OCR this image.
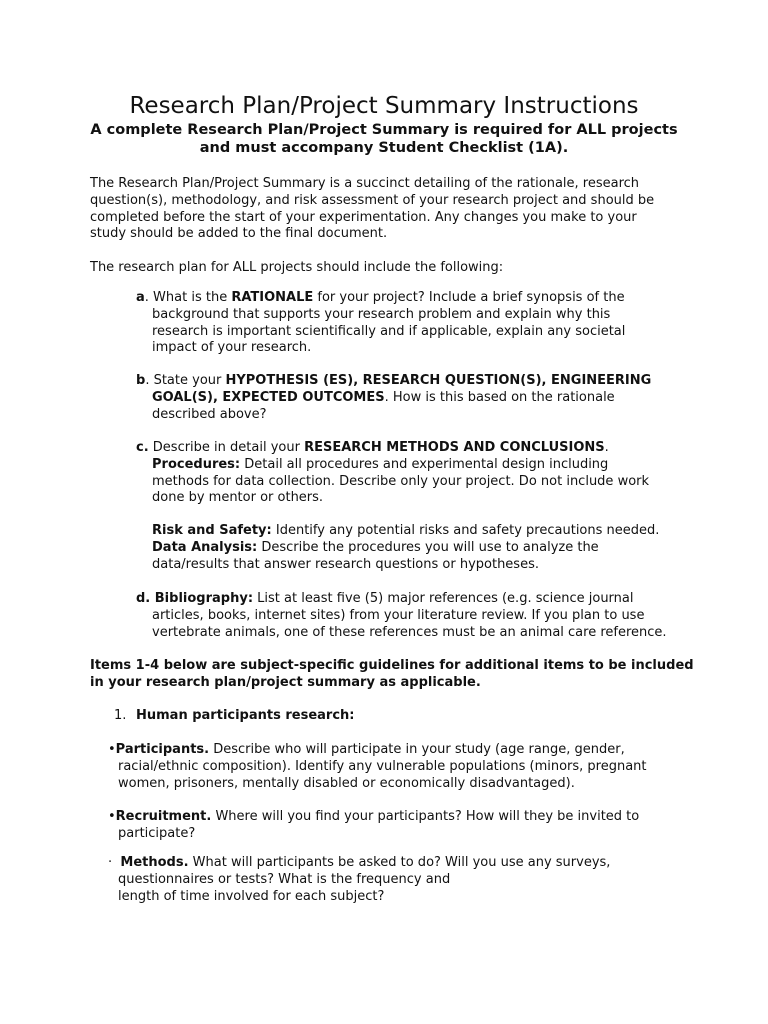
Research Plan/Project Summary Instructions
A complete Research Plan/Project Summary is required for ALL projects
and must accompany Student Checklist (1A).
The Research Plan/Project Summary is a succinct detailing of the rationale, research
question(s), methodology, and risk assessment of your research project and should be
completed before the start of your experimentation. Any changes you make to your
study should be added to the final document.
The research plan for ALL projects should include the following:
a. What is the RATIONALE for your project? Include a brief synopsis of the
background that supports your research problem and explain why this
research is important scientifically and if applicable, explain any societal
impact of your research.
b. State your HYPOTHESIS (ES), RESEARCH QUESTION(S), ENGINEERING
GOAL(S), EXPECTED OUTCOMES. How is this based on the rationale
described above?
c. Describe in detail your RESEARCH METHODS AND CONCLUSIONS.
Procedures: Detail all procedures and experimental design including
methods for data collection. Describe only your project. Do not include work
done by mentor or others.
Risk and Safety: Identify any potential risks and safety precautions needed.
Data Analysis: Describe the procedures you will use to analyze the
data/results that answer research questions or hypotheses.
d. Bibliography: List at least five (5) major references (e.g. science journal
articles, books, internet sites) from your literature review. If you plan to use
vertebrate animals, one of these references must be an animal care reference.
Items 1-4 below are subject-specific guidelines for additional items to be included
in your research plan/project summary as applicable.
1. Human participants research:
•Participants. Describe who will participate in your study (age range, gender,
racial/ethnic composition). Identify any vulnerable populations (minors, pregnant
women, prisoners, mentally disabled or economically disadvantaged).
•Recruitment. Where will you find your participants? How will they be invited to
participate?
· Methods. What will participants be asked to do? Will you use any surveys,
questionnaires or tests? What is the frequency and
length of time involved for each subject?
